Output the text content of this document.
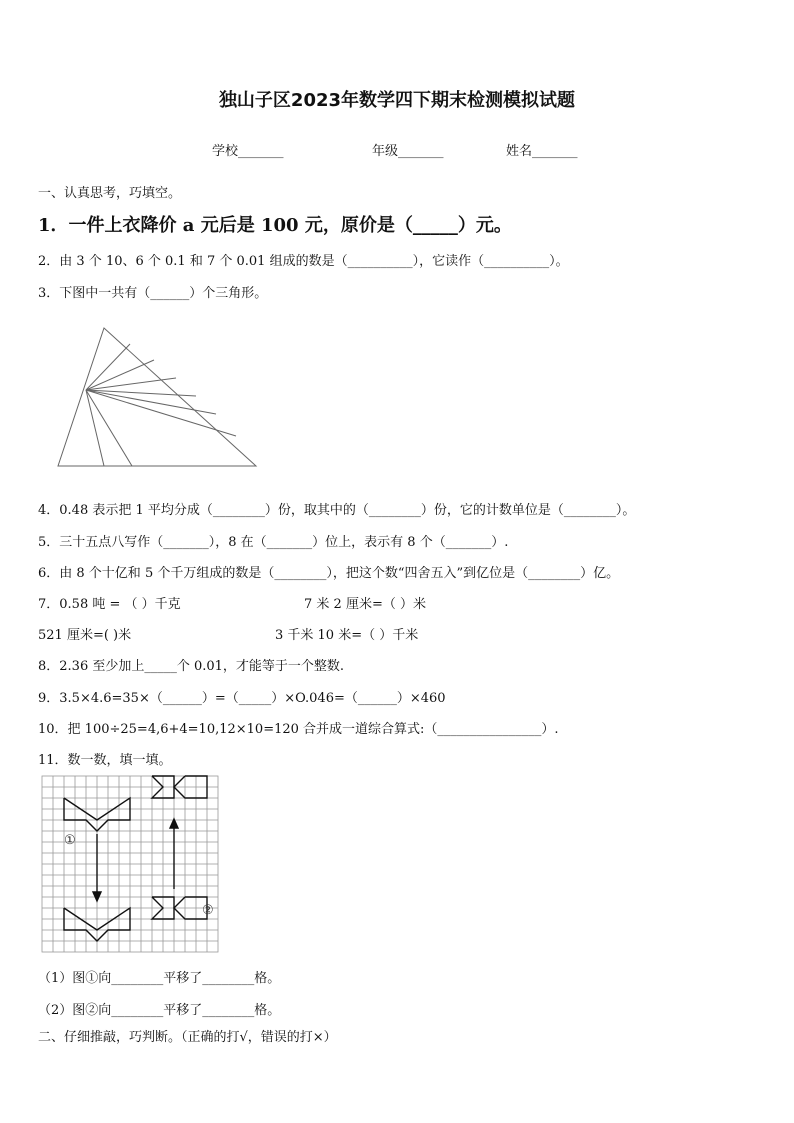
独山子区2023年数学四下期末检测模拟试题
学校_______	年级_______	姓名_______
一、认真思考，巧填空。
1．一件上衣降价 a 元后是 100 元，原价是（_____）元。
2．由 3 个 10、6 个 0.1 和 7 个 0.01 组成的数是（__________），它读作（__________）。
3．下图中一共有（______）个三角形。
4．0.48 表示把 1 平均分成（________）份，取其中的（________）份，它的计数单位是（________）。
5．三十五点八写作（_______），8 在（_______）位上，表示有 8 个（_______）.
6．由 8 个十亿和 5 个千万组成的数是（________），把这个数“四舍五入”到亿位是（________）亿。
7．0.58 吨 = （ ）千克	7 米 2 厘米=（ ）米
521 厘米=( )米	3 千米 10 米=（ ）千米
8．2.36 至少加上_____个 0.01，才能等于一个整数.
9．3.5×4.6=35×（______）=（_____）×O.046=（______）×460
10．把 100÷25=4,6+4=10,12×10=120 合并成一道综合算式:（________________）.
11．数一数，填一填。
①
②
（1）图①向________平移了________格。
（2）图②向________平移了________格。
二、仔细推敲，巧判断。（正确的打√，错误的打×）
